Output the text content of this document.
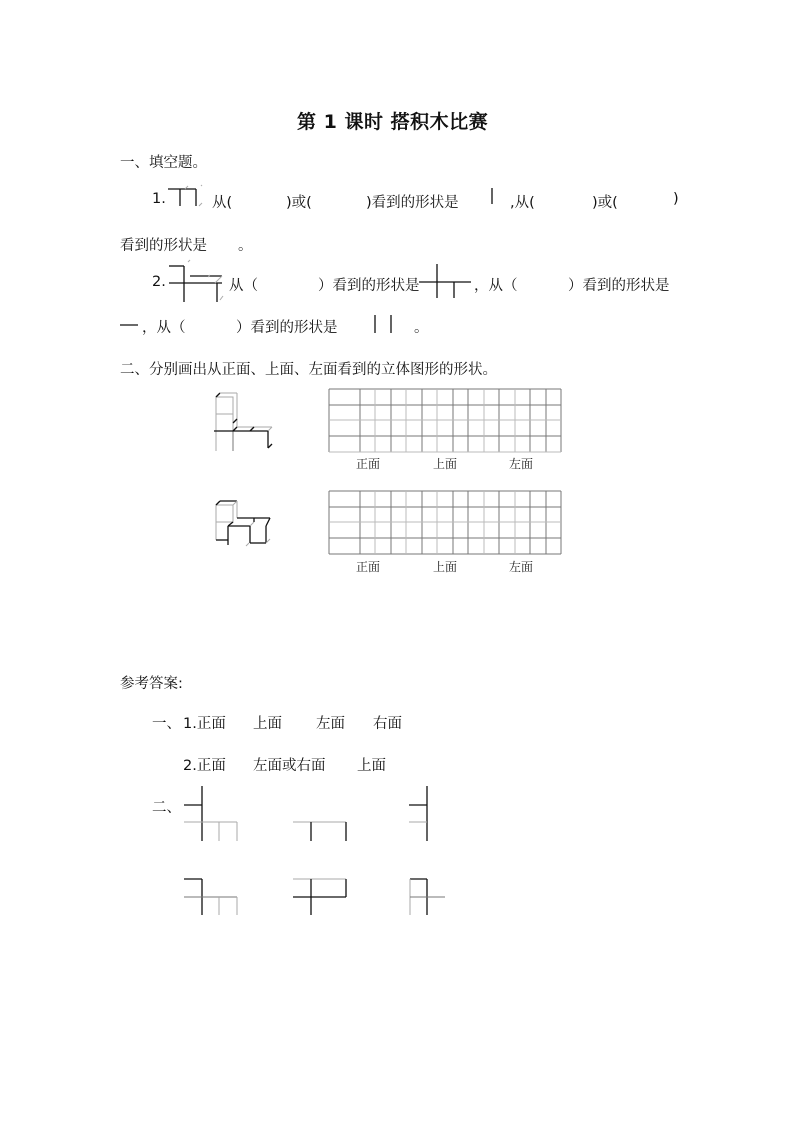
第 1 课时 搭积木比赛
一、填空题。
1.	从(	)或(	)看到的形状是	,从(	)或(	)
看到的形状是 。
2.	从（	）看到的形状是	，从（	）看到的形状是
，从（	）看到的形状是	。
二、分别画出从正面、上面、左面看到的立体图形的形状。
正面	上面	左面
正面	上面	左面
参考答案:
一、 1.正面 上面 左面 右面
2.正面 左面或右面 上面
二、
